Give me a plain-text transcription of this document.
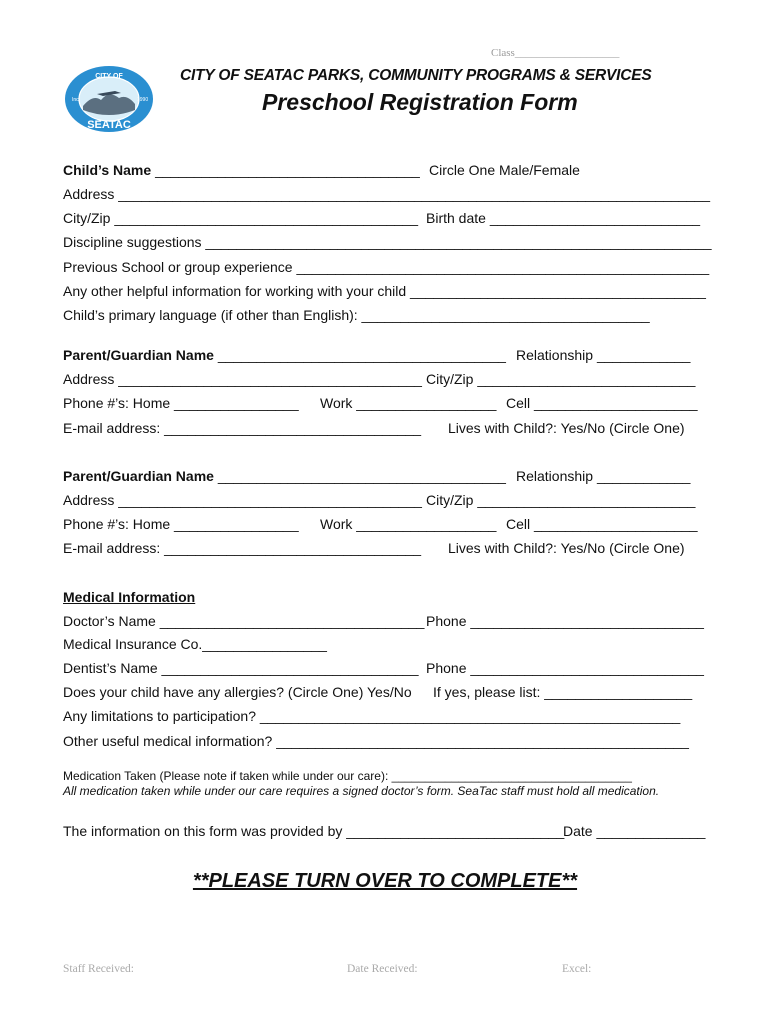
Class___________________
CITY OF
SEATAC
Inc.	1990
CITY OF SEATAC PARKS, COMMUNITY PROGRAMS & SERVICES
Preschool Registration Form
Child’s Name __________________________________ Circle One Male/Female
Address ____________________________________________________________________________
City/Zip _______________________________________ Birth date ___________________________
Discipline suggestions _________________________________________________________________
Previous School or group experience _____________________________________________________
Any other helpful information for working with your child ______________________________________
Child’s primary language (if other than English): _____________________________________
Parent/Guardian Name _____________________________________ Relationship ____________
Address _______________________________________ City/Zip ____________________________
Phone #’s: Home ________________ Work __________________ Cell _____________________
E-mail address: _________________________________ Lives with Child?: Yes/No (Circle One)
Parent/Guardian Name _____________________________________ Relationship ____________
Address _______________________________________ City/Zip ____________________________
Phone #’s: Home ________________ Work __________________ Cell _____________________
E-mail address: _________________________________ Lives with Child?: Yes/No (Circle One)
Medical Information
Doctor’s Name __________________________________ Phone ______________________________
Medical Insurance Co.________________
Dentist’s Name _________________________________ Phone ______________________________
Does your child have any allergies? (Circle One) Yes/No If yes, please list: ___________________
Any limitations to participation? ______________________________________________________
Other useful medical information? _____________________________________________________
Medication Taken (Please note if taken while under our care): ____________________________________
All medication taken while under our care requires a signed doctor’s form. SeaTac staff must hold all medication.
The information on this form was provided by ____________________________
Date ______________
**PLEASE TURN OVER TO COMPLETE**
Staff Received:	Date Received:	Excel:
